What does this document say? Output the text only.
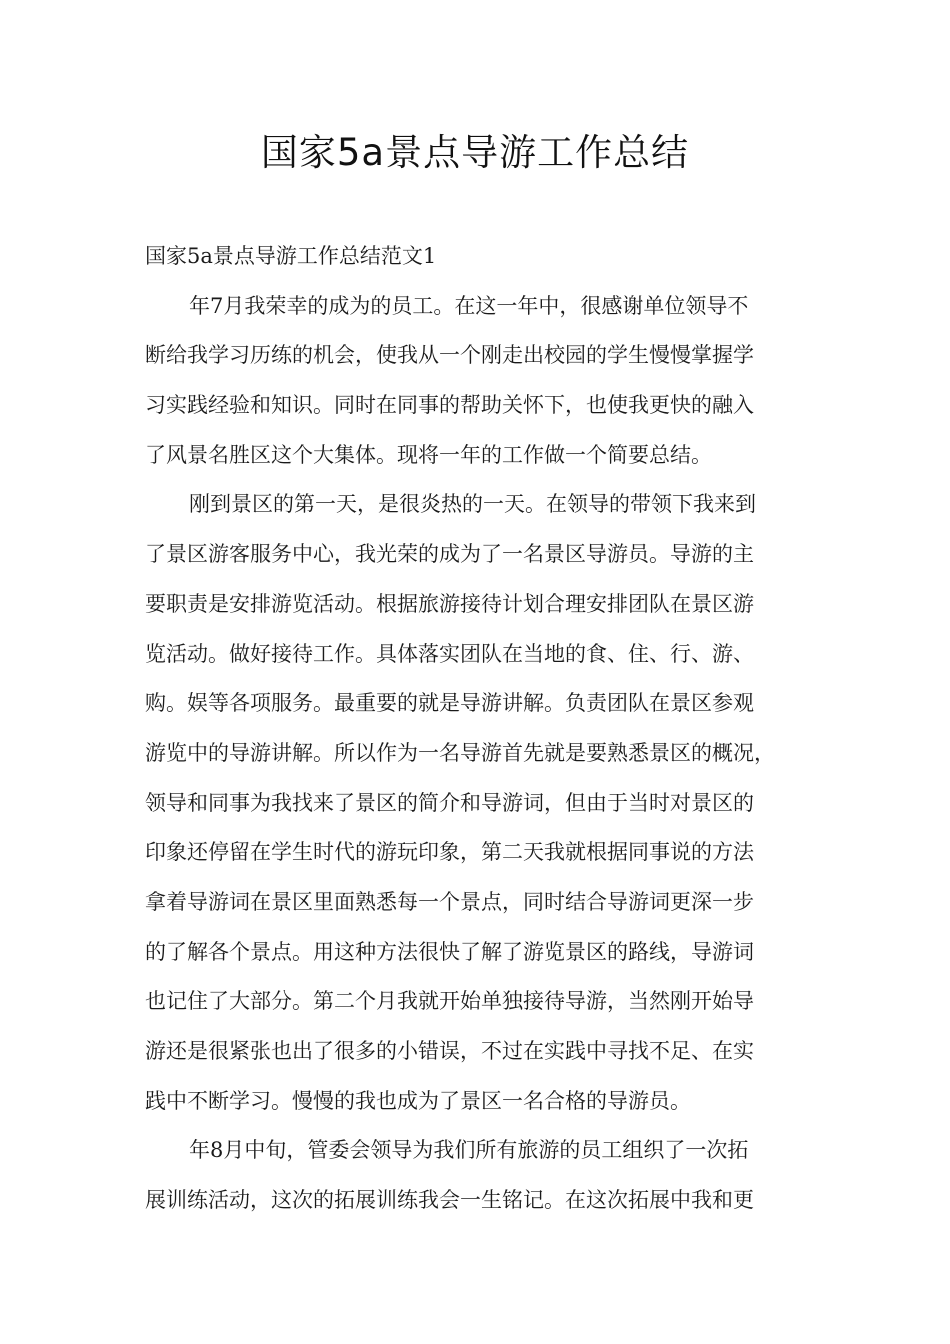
国家5a景点导游工作总结
国家5a景点导游工作总结范文1
年7月我荣幸的成为的员工。在这一年中，很感谢单位领导不
断给我学习历练的机会，使我从一个刚走出校园的学生慢慢掌握学
习实践经验和知识。同时在同事的帮助关怀下，也使我更快的融入
了风景名胜区这个大集体。现将一年的工作做一个简要总结。
刚到景区的第一天，是很炎热的一天。在领导的带领下我来到
了景区游客服务中心，我光荣的成为了一名景区导游员。导游的主
要职责是安排游览活动。根据旅游接待计划合理安排团队在景区游
览活动。做好接待工作。具体落实团队在当地的食、住、行、游、
购。娱等各项服务。最重要的就是导游讲解。负责团队在景区参观
游览中的导游讲解。所以作为一名导游首先就是要熟悉景区的概况，
领导和同事为我找来了景区的简介和导游词，但由于当时对景区的
印象还停留在学生时代的游玩印象，第二天我就根据同事说的方法
拿着导游词在景区里面熟悉每一个景点，同时结合导游词更深一步
的了解各个景点。用这种方法很快了解了游览景区的路线，导游词
也记住了大部分。第二个月我就开始单独接待导游，当然刚开始导
游还是很紧张也出了很多的小错误，不过在实践中寻找不足、在实
践中不断学习。慢慢的我也成为了景区一名合格的导游员。
年8月中旬，管委会领导为我们所有旅游的员工组织了一次拓
展训练活动，这次的拓展训练我会一生铭记。在这次拓展中我和更
